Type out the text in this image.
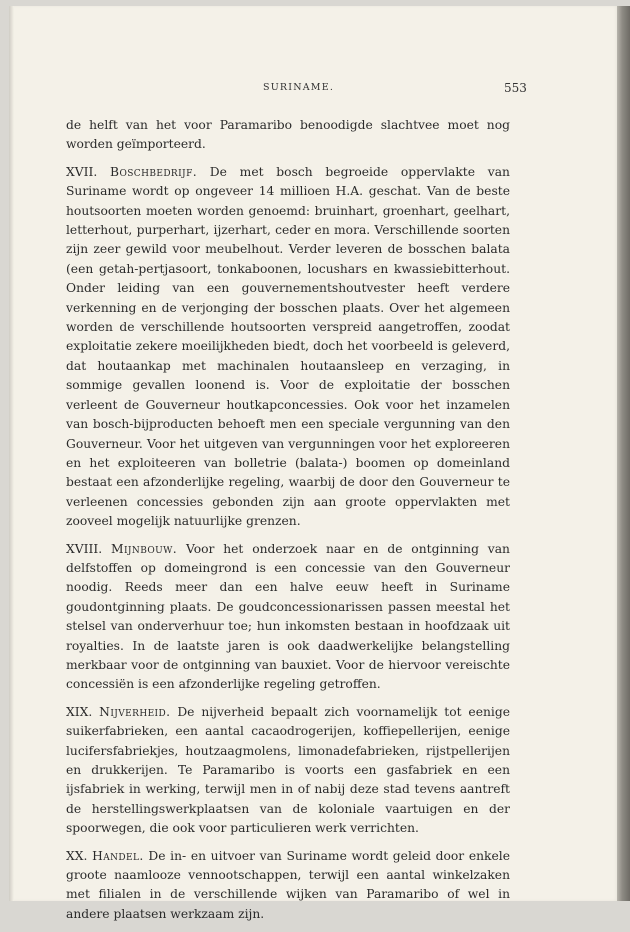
SURINAME.	553

de helft van het voor Paramaribo benoodigde slachtvee moet nog worden geïmporteerd.

XVII. Boschbedrijf. De met bosch begroeide oppervlakte van Suriname wordt op ongeveer 14 millioen H.A. geschat. Van de beste houtsoorten moeten worden genoemd: bruinhart, groenhart, geelhart, letterhout, purperhart, ijzerhart, ceder en mora. Verschillende soorten zijn zeer gewild voor meubelhout. Verder leveren de bosschen balata (een getah-pertjasoort, tonkaboonen, locushars en kwassiebitterhout. Onder leiding van een gouvernementshoutvester heeft verdere verkenning en de verjonging der bosschen plaats. Over het algemeen worden de verschillende houtsoorten verspreid aangetroffen, zoodat exploitatie zekere moeilijkheden biedt, doch het voorbeeld is geleverd, dat houtaankap met machinalen houtaansleep en verzaging, in sommige gevallen loonend is. Voor de exploitatie der bosschen verleent de Gouverneur houtkapconcessies. Ook voor het inzamelen van bosch-bijproducten behoeft men een speciale vergunning van den Gouverneur. Voor het uitgeven van vergunningen voor het exploreeren en het exploiteeren van bolletrie (balata-) boomen op domeinland bestaat een afzonderlijke regeling, waarbij de door den Gouverneur te verleenen concessies gebonden zijn aan groote oppervlakten met zooveel mogelijk natuurlijke grenzen.

XVIII. Mijnbouw. Voor het onderzoek naar en de ontginning van delfstoffen op domeingrond is een concessie van den Gouverneur noodig. Reeds meer dan een halve eeuw heeft in Suriname goudontginning plaats. De goudconcessionarissen passen meestal het stelsel van onderverhuur toe; hun inkomsten bestaan in hoofdzaak uit royalties. In de laatste jaren is ook daadwerkelijke belangstelling merkbaar voor de ontginning van bauxiet. Voor de hiervoor vereischte concessiën is een afzonderlijke regeling getroffen.

XIX. Nijverheid. De nijverheid bepaalt zich voornamelijk tot eenige suikerfabrieken, een aantal cacaodrogerijen, koffiepellerijen, eenige lucifersfabriekjes, houtzaagmolens, limonadefabrieken, rijstpellerijen en drukkerijen. Te Paramaribo is voorts een gasfabriek en een ijsfabriek in werking, terwijl men in of nabij deze stad tevens aantreft de herstellingswerkplaatsen van de koloniale vaartuigen en der spoorwegen, die ook voor particulieren werk verrichten.

XX. Handel. De in- en uitvoer van Suriname wordt geleid door enkele groote naamlooze vennootschappen, terwijl een aantal winkelzaken met filialen in de verschillende wijken van Paramaribo of wel in andere plaatsen werkzaam zijn.
